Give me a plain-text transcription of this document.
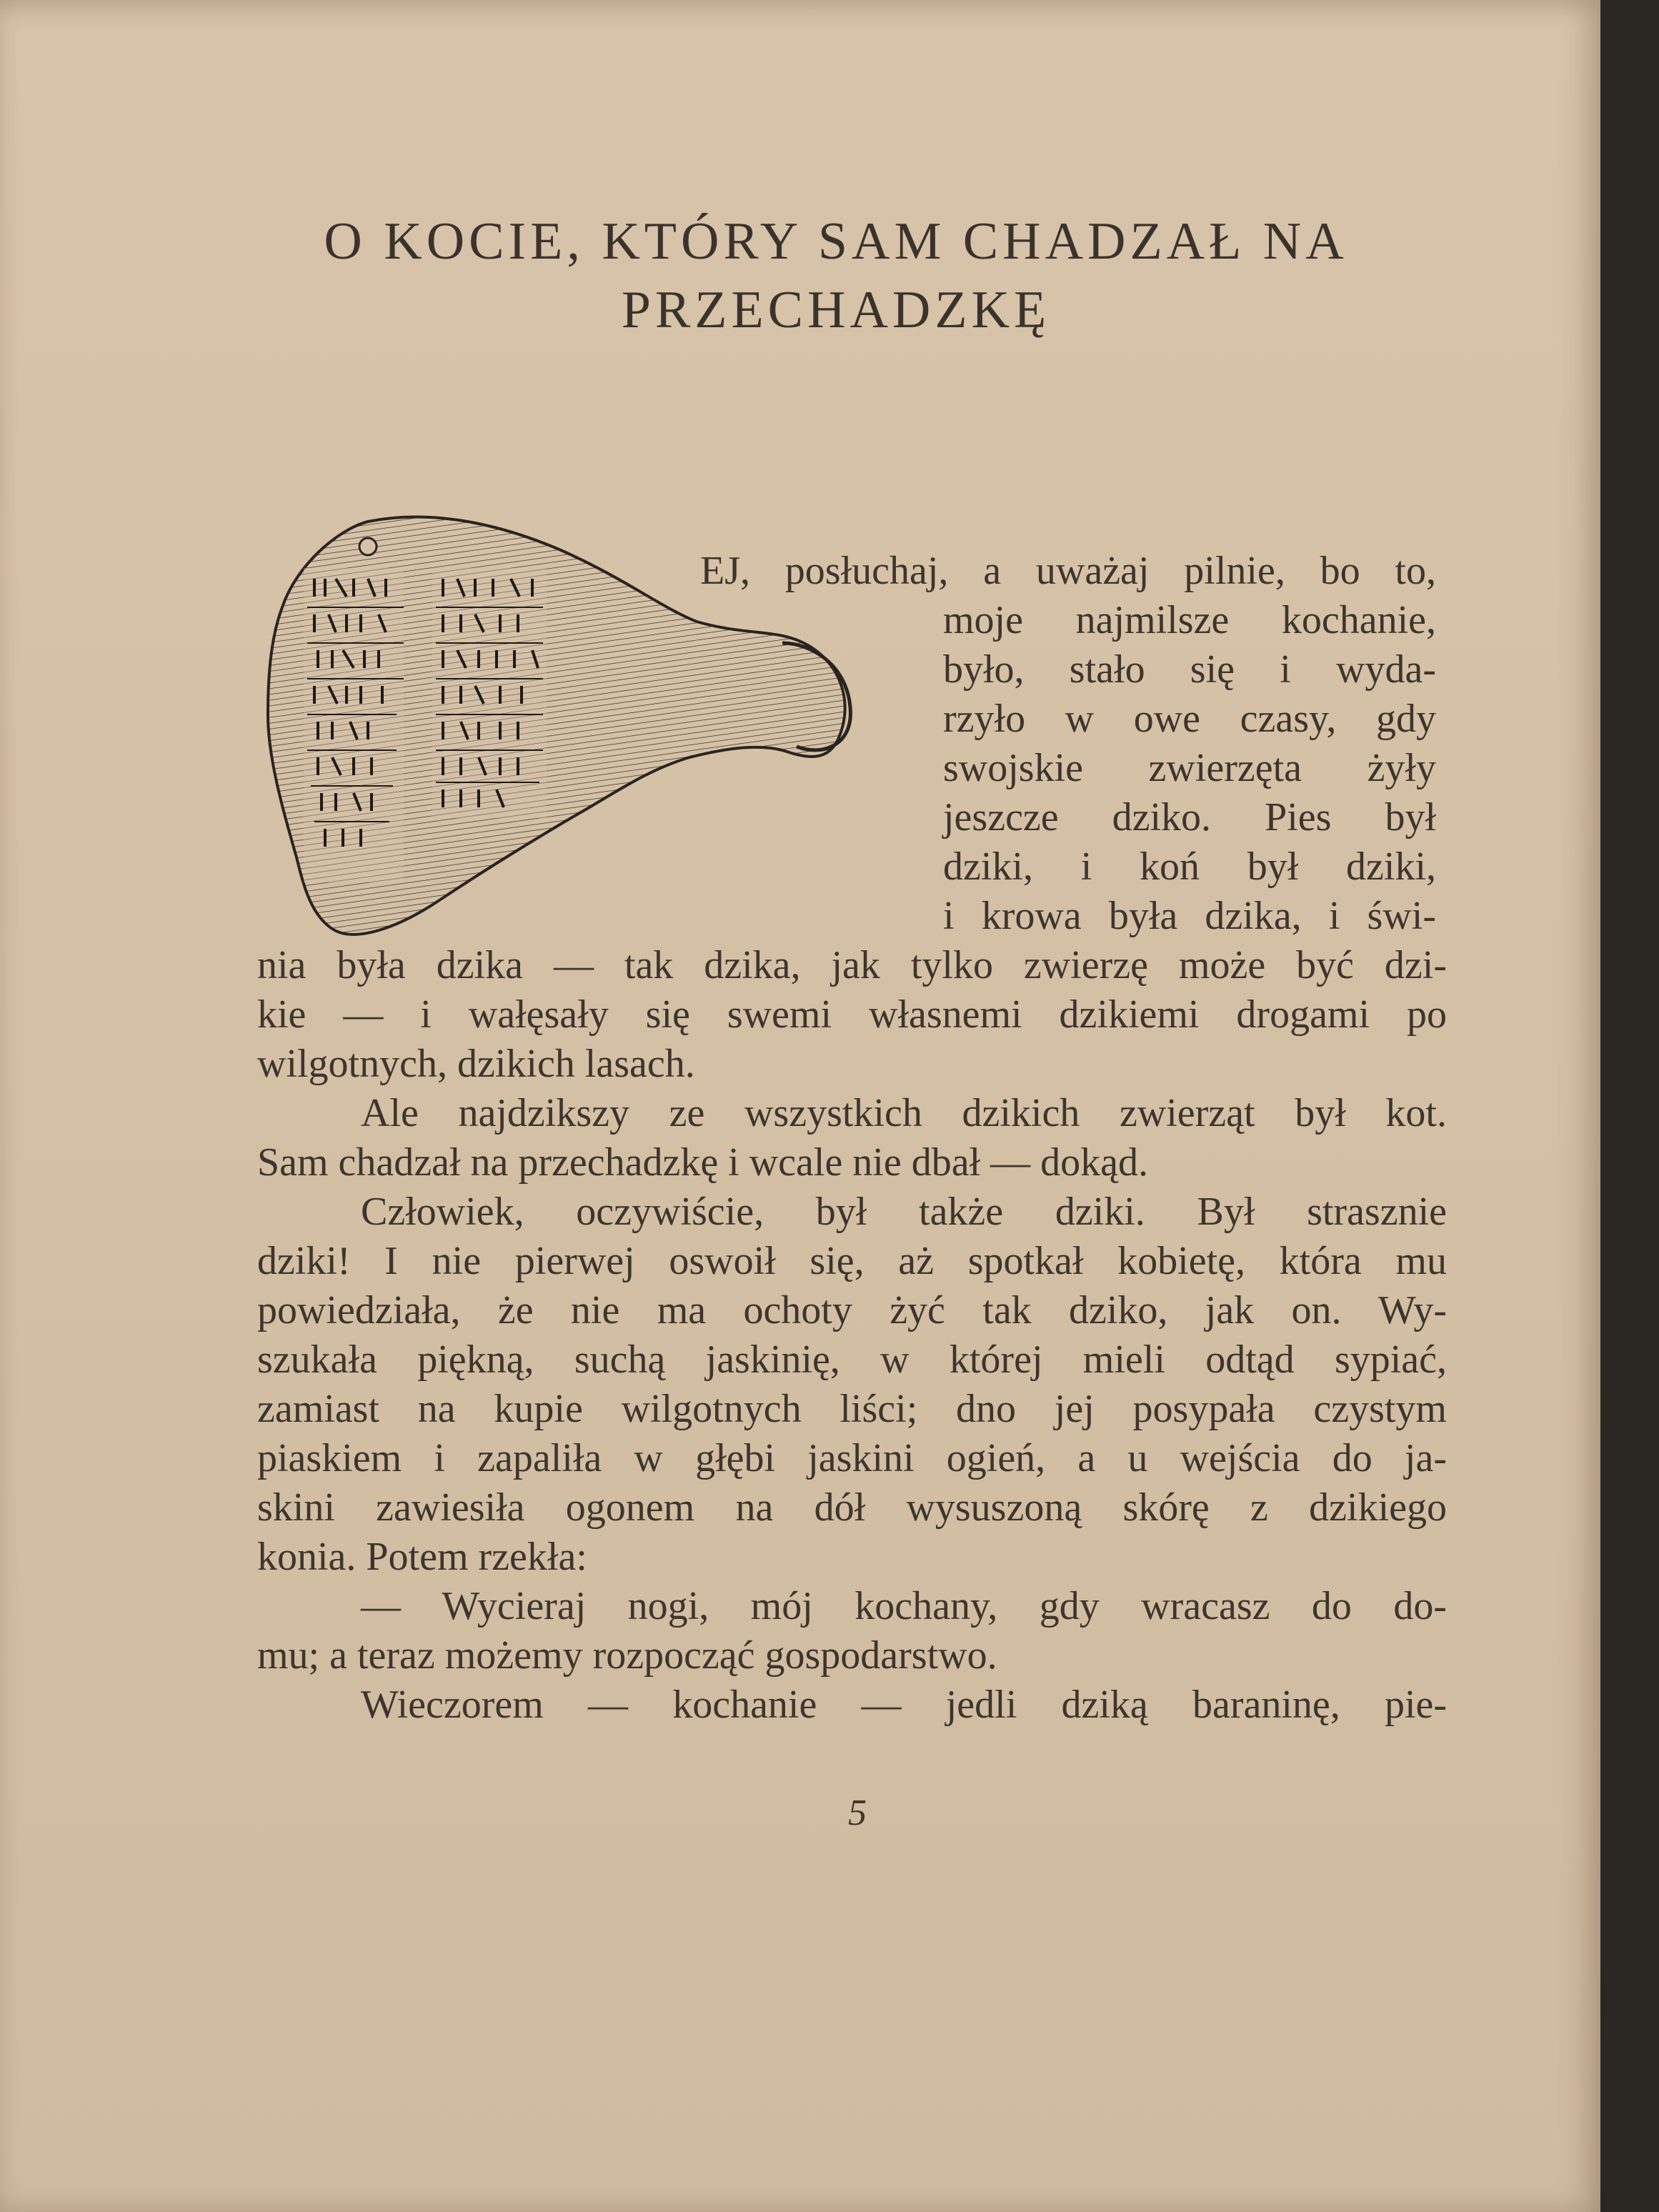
O KOCIE, KTÓRY SAM CHADZAŁ NA
PRZECHADZKĘ
EJ, posłuchaj, a uważaj pilnie, bo to,
moje najmilsze kochanie,
było, stało się i wyda-
rzyło w owe czasy, gdy
swojskie zwierzęta żyły
jeszcze dziko. Pies był
dziki, i koń był dziki,
i krowa była dzika, i świ-
nia była dzika — tak dzika, jak tylko zwierzę może być dzi-
kie — i wałęsały się swemi własnemi dzikiemi drogami po
wilgotnych, dzikich lasach.
Ale najdzikszy ze wszystkich dzikich zwierząt był kot.
Sam chadzał na przechadzkę i wcale nie dbał — dokąd.
Człowiek, oczywiście, był także dziki. Był strasznie
dziki! I nie pierwej oswoił się, aż spotkał kobietę, która mu
powiedziała, że nie ma ochoty żyć tak dziko, jak on. Wy-
szukała piękną, suchą jaskinię, w której mieli odtąd sypiać,
zamiast na kupie wilgotnych liści; dno jej posypała czystym
piaskiem i zapaliła w głębi jaskini ogień, a u wejścia do ja-
skini zawiesiła ogonem na dół wysuszoną skórę z dzikiego
konia. Potem rzekła:
— Wycieraj nogi, mój kochany, gdy wracasz do do-
mu; a teraz możemy rozpocząć gospodarstwo.
Wieczorem — kochanie — jedli dziką baraninę, pie-
5
